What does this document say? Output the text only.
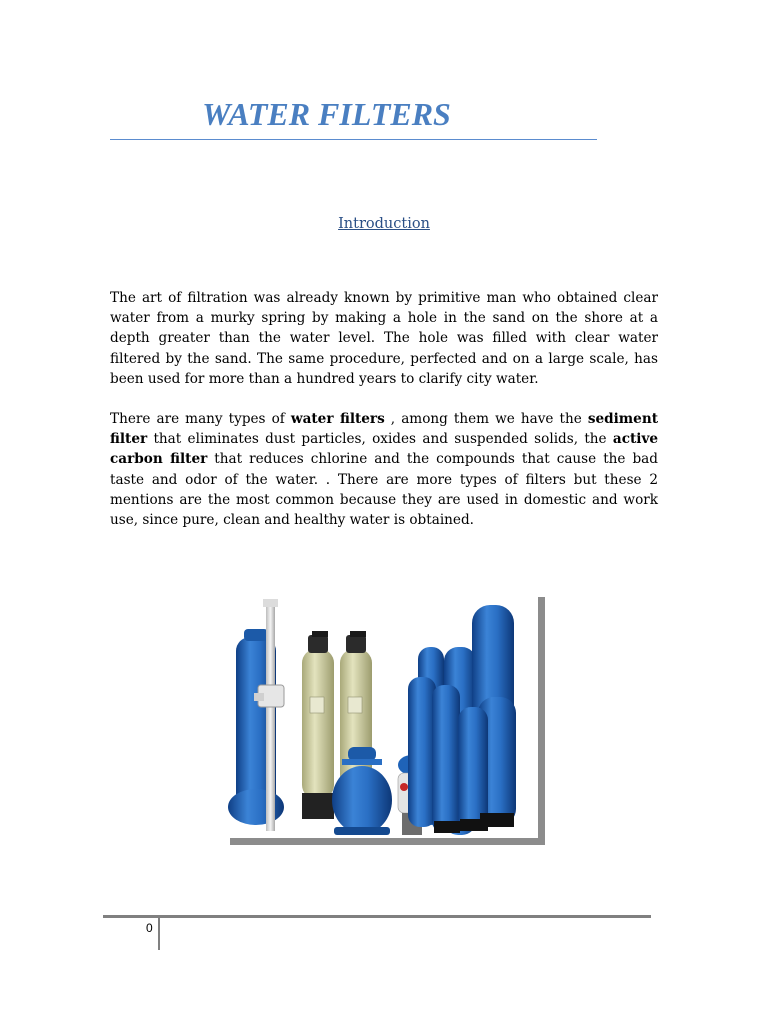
WATER FILTERS
Introduction

The art of filtration was already known by primitive man who obtained clear water from a murky spring by making a hole in the sand on the shore at a depth greater than the water level. The hole was filled with clear water filtered by the sand. The same procedure, perfected and on a large scale, has been used for more than a hundred years to clarify city water.

There are many types of water filters , among them we have the sediment filter that eliminates dust particles, oxides and suspended solids, the active carbon filter that reduces chlorine and the compounds that cause the bad taste and odor of the water. . There are more types of filters but these 2 mentions are the most common because they are used in domestic and work use, since pure, clean and healthy water is obtained.

0
